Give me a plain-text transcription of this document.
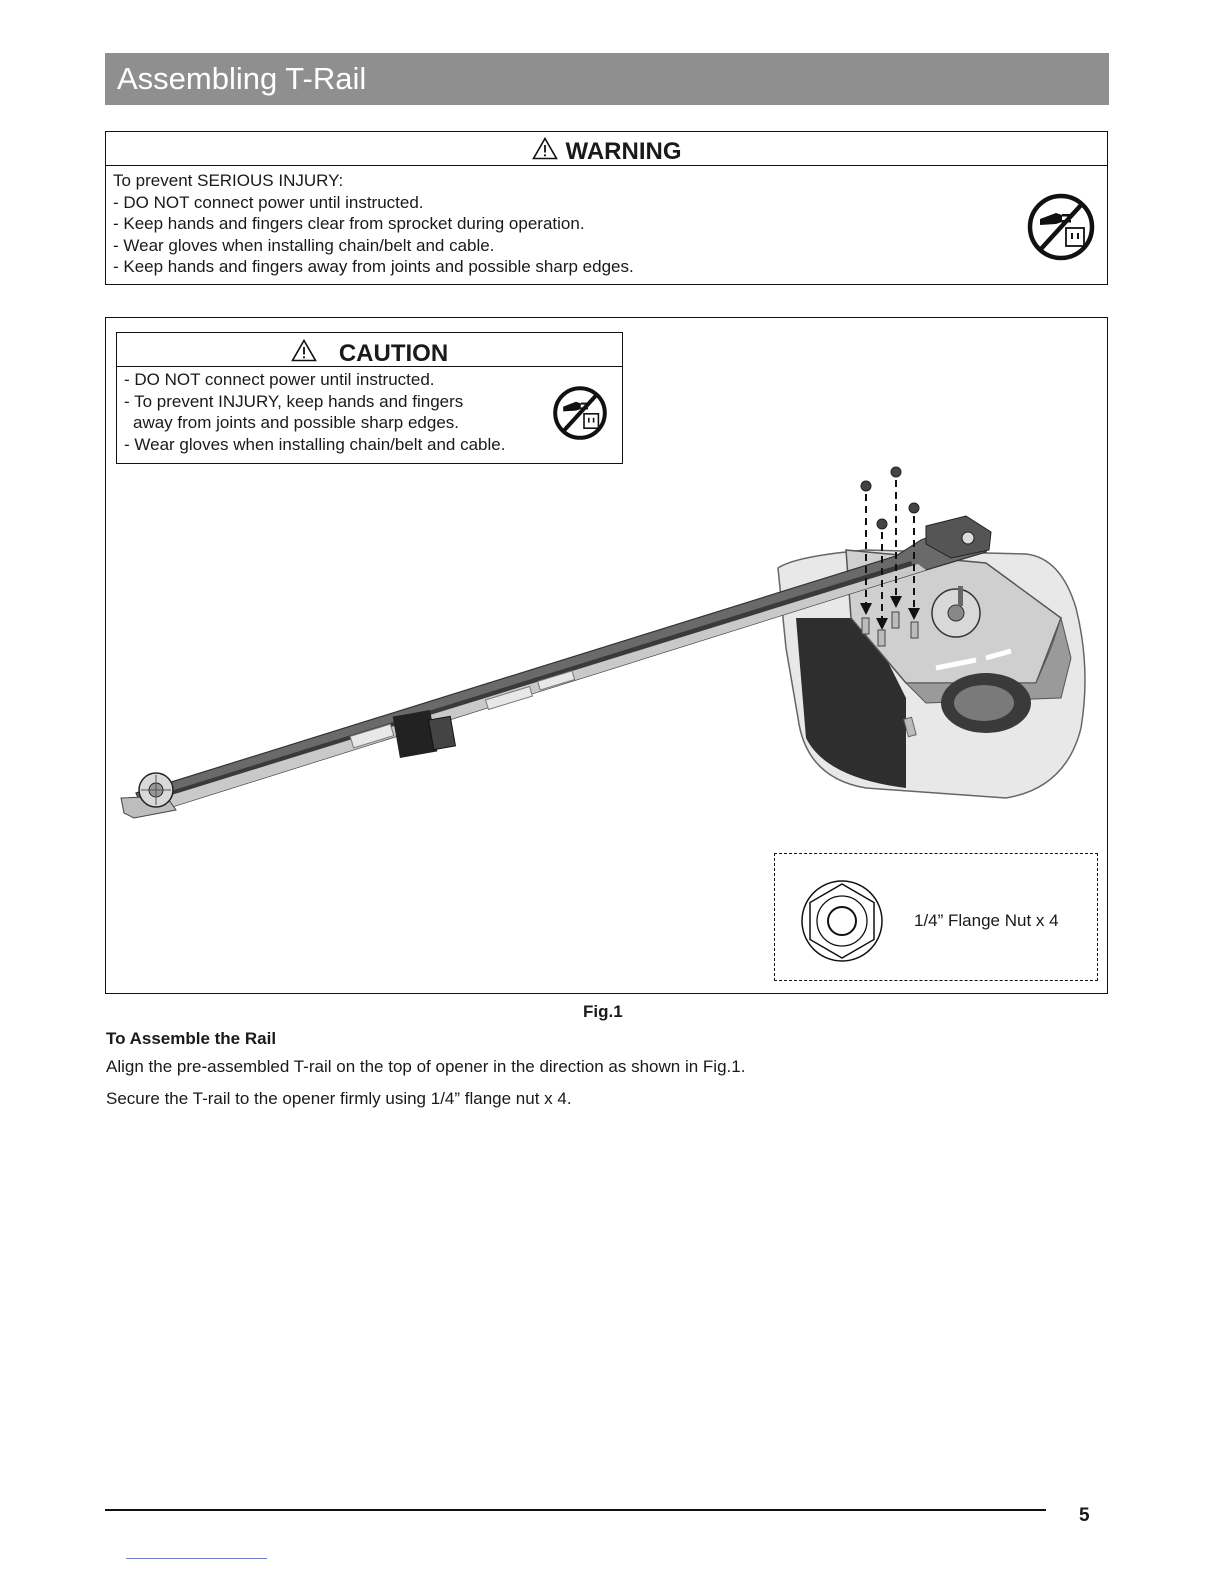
Assembling T-Rail
WARNING
To prevent SERIOUS INJURY:
- DO NOT connect power until instructed.
- Keep hands and fingers clear from sprocket during operation.
- Wear gloves when installing chain/belt and cable.
- Keep hands and fingers away from joints and possible sharp edges.
CAUTION
- DO NOT connect power until instructed.
- To prevent INJURY, keep hands and fingers
away from joints and possible sharp edges.
- Wear gloves when installing chain/belt and cable.
1/4” Flange Nut x 4
Fig.1
To Assemble the Rail
Align the pre-assembled T-rail on the top of opener in the direction as shown in Fig.1.
Secure the T-rail to the opener firmly using 1/4” flange nut x 4.
5
